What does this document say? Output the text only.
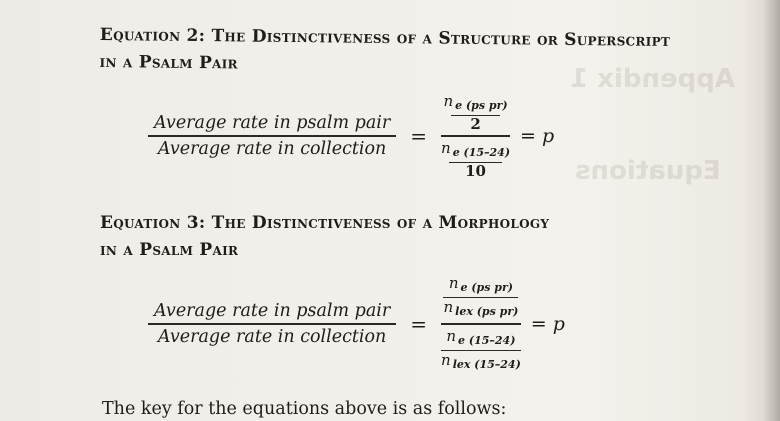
Appendix 1
Equations
Equation 2: The Distinctiveness of a Structure or Superscript
in a Psalm Pair
$\frac{\text{Average rate in psalm pair}}{\text{Average rate in collection}} = \frac{\frac{n _{e (ps pr)}}{2}}{\frac{n _{e (15-24)}}{10}} = p$
Equation 3: The Distinctiveness of a Morphology
in a Psalm Pair
$\frac{\text{Average rate in psalm pair}}{\text{Average rate in collection}} = \frac{\frac{n _{e (ps pr)}}{n _{lex (ps pr)}}}{\frac{n _{e (15-24)}}{n _{lex (15-24)}}} = p$
The key for the equations above is as follows:
